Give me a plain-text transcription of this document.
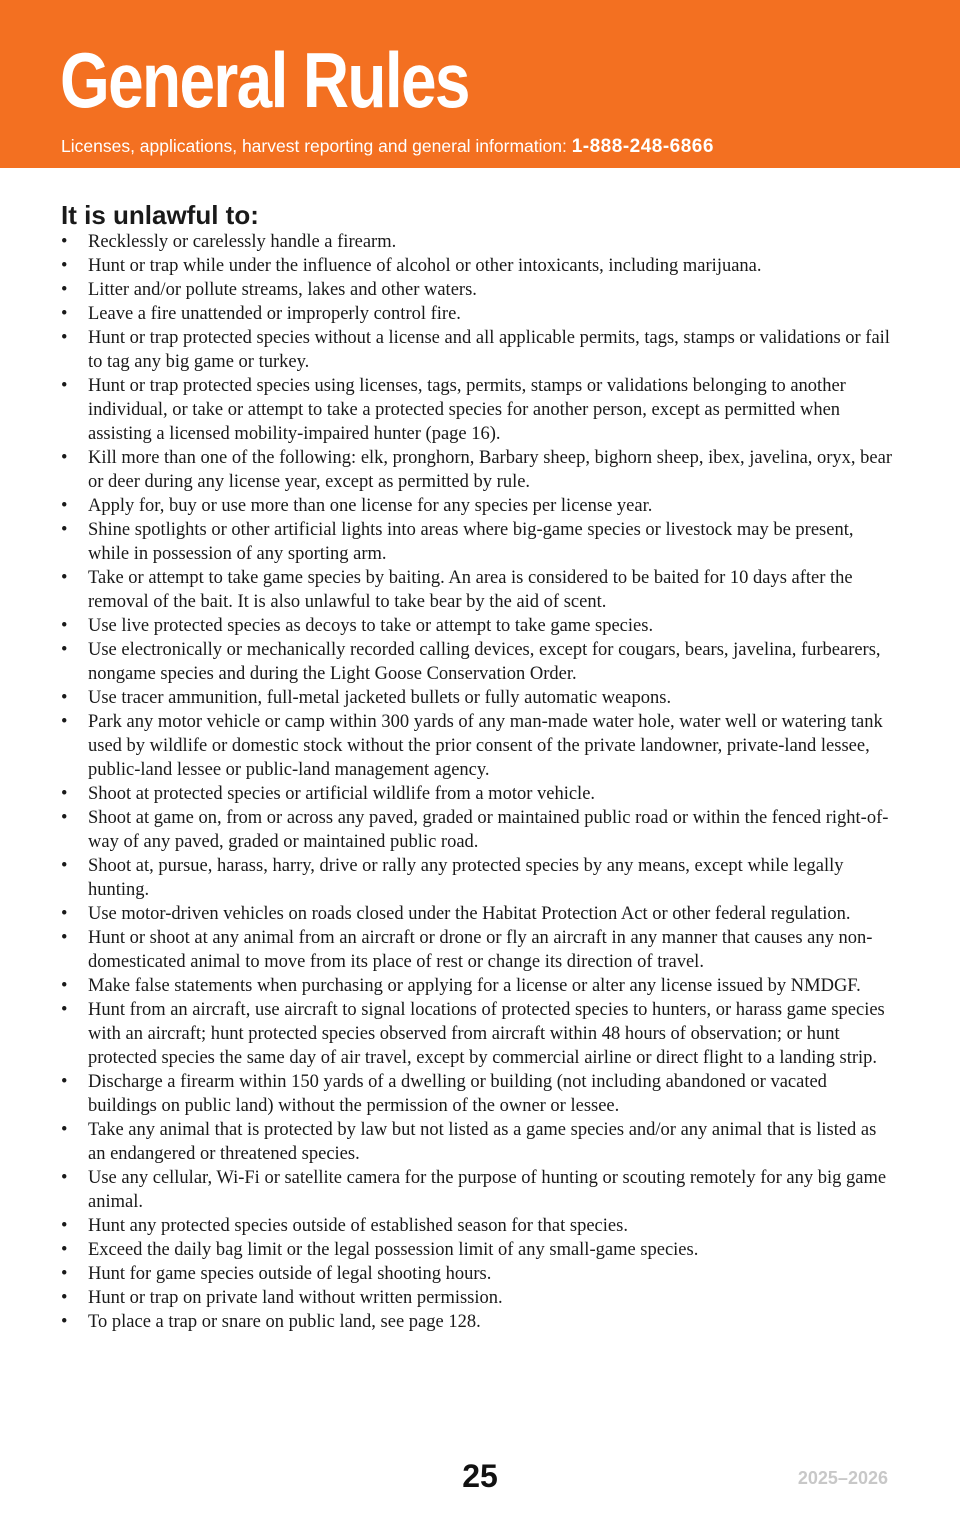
General Rules
Licenses, applications, harvest reporting and general information: 1-888-248-6866
It is unlawful to:
• Recklessly or carelessly handle a firearm.
• Hunt or trap while under the influence of alcohol or other intoxicants, including marijuana.
• Litter and/or pollute streams, lakes and other waters.
• Leave a fire unattended or improperly control fire.
• Hunt or trap protected species without a license and all applicable permits, tags, stamps or validations or fail to tag any big game or turkey.
• Hunt or trap protected species using licenses, tags, permits, stamps or validations belonging to another individual, or take or attempt to take a protected species for another person, except as permitted when assisting a licensed mobility-impaired hunter (page 16).
• Kill more than one of the following: elk, pronghorn, Barbary sheep, bighorn sheep, ibex, javelina, oryx, bear or deer during any license year, except as permitted by rule.
• Apply for, buy or use more than one license for any species per license year.
• Shine spotlights or other artificial lights into areas where big-game species or livestock may be present, while in possession of any sporting arm.
• Take or attempt to take game species by baiting. An area is considered to be baited for 10 days after the removal of the bait. It is also unlawful to take bear by the aid of scent.
• Use live protected species as decoys to take or attempt to take game species.
• Use electronically or mechanically recorded calling devices, except for cougars, bears, javelina, furbearers, nongame species and during the Light Goose Conservation Order.
• Use tracer ammunition, full-metal jacketed bullets or fully automatic weapons.
• Park any motor vehicle or camp within 300 yards of any man-made water hole, water well or watering tank used by wildlife or domestic stock without the prior consent of the private landowner, private-land lessee, public-land lessee or public-land management agency.
• Shoot at protected species or artificial wildlife from a motor vehicle.
• Shoot at game on, from or across any paved, graded or maintained public road or within the fenced right-of-way of any paved, graded or maintained public road.
• Shoot at, pursue, harass, harry, drive or rally any protected species by any means, except while legally hunting.
• Use motor-driven vehicles on roads closed under the Habitat Protection Act or other federal regulation.
• Hunt or shoot at any animal from an aircraft or drone or fly an aircraft in any manner that causes any non-domesticated animal to move from its place of rest or change its direction of travel.
• Make false statements when purchasing or applying for a license or alter any license issued by NMDGF.
• Hunt from an aircraft, use aircraft to signal locations of protected species to hunters, or harass game species with an aircraft; hunt protected species observed from aircraft within 48 hours of observation; or hunt protected species the same day of air travel, except by commercial airline or direct flight to a landing strip.
• Discharge a firearm within 150 yards of a dwelling or building (not including abandoned or vacated buildings on public land) without the permission of the owner or lessee.
• Take any animal that is protected by law but not listed as a game species and/or any animal that is listed as an endangered or threatened species.
• Use any cellular, Wi-Fi or satellite camera for the purpose of hunting or scouting remotely for any big game animal.
• Hunt any protected species outside of established season for that species.
• Exceed the daily bag limit or the legal possession limit of any small-game species.
• Hunt for game species outside of legal shooting hours.
• Hunt or trap on private land without written permission.
• To place a trap or snare on public land, see page 128.
25	2025–2026
